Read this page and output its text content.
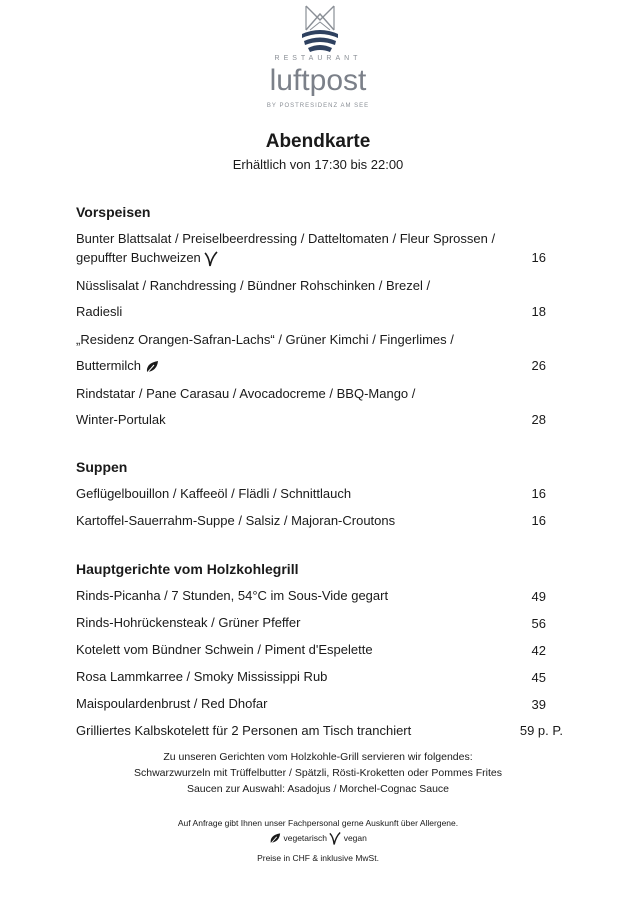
RESTAURANT
luftpost
BY POSTRESIDENZ AM SEE
Abendkarte
Erhältlich von 17:30 bis 22:00
Vorspeisen
Bunter Blattsalat / Preiselbeerdressing / Datteltomaten / Fleur Sprossen /
gepuffter Buchweizen	16
Nüsslisalat / Ranchdressing / Bündner Rohschinken / Brezel /
Radiesli	18
„Residenz Orangen-Safran-Lachs“ / Grüner Kimchi / Fingerlimes /
Buttermilch	26
Rindstatar / Pane Carasau / Avocadocreme / BBQ-Mango /
Winter-Portulak	28
Suppen
Geflügelbouillon / Kaffeeöl / Flädli / Schnittlauch	16
Kartoffel-Sauerrahm-Suppe / Salsiz / Majoran-Croutons	16
Hauptgerichte vom Holzkohlegrill
Rinds-Picanha / 7 Stunden, 54°C im Sous-Vide gegart	49
Rinds-Hohrückensteak / Grüner Pfeffer	56
Kotelett vom Bündner Schwein / Piment d'Espelette	42
Rosa Lammkarree / Smoky Mississippi Rub	45
Maispoulardenbrust / Red Dhofar	39
Grilliertes Kalbskotelett für 2 Personen am Tisch tranchiert	59 p. P.
Zu unseren Gerichten vom Holzkohle-Grill servieren wir folgendes:
Schwarzwurzeln mit Trüffelbutter / Spätzli, Rösti-Kroketten oder Pommes Frites
Saucen zur Auswahl: Asadojus / Morchel-Cognac Sauce
Auf Anfrage gibt Ihnen unser Fachpersonal gerne Auskunft über Allergene.
vegetarisch vegan
Preise in CHF & inklusive MwSt.
